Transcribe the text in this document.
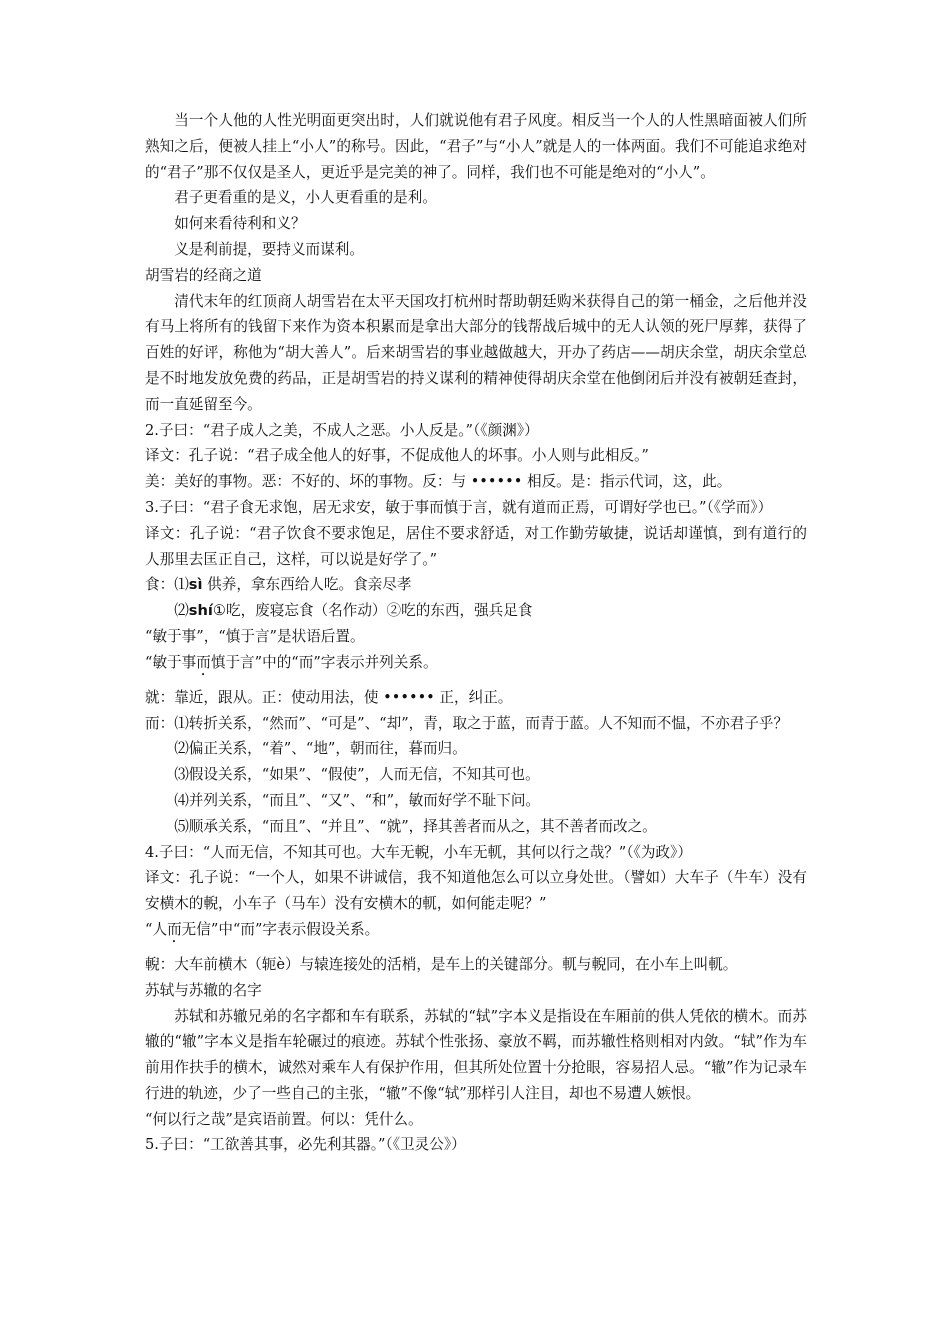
当一个人他的人性光明面更突出时，人们就说他有君子风度。相反当一个人的人性黑暗面被人们所熟知之后，便被人挂上“小人”的称号。因此，“君子”与“小人”就是人的一体两面。我们不可能追求绝对的“君子”那不仅仅是圣人，更近乎是完美的神了。同样，我们也不可能是绝对的“小人”。

君子更看重的是义，小人更看重的是利。

如何来看待利和义？

义是利前提，要持义而谋利。

胡雪岩的经商之道

清代末年的红顶商人胡雪岩在太平天国攻打杭州时帮助朝廷购米获得自己的第一桶金，之后他并没有马上将所有的钱留下来作为资本积累而是拿出大部分的钱帮战后城中的无人认领的死尸厚葬，获得了百姓的好评，称他为“胡大善人”。后来胡雪岩的事业越做越大，开办了药店——胡庆余堂，胡庆余堂总是不时地发放免费的药品，正是胡雪岩的持义谋利的精神使得胡庆余堂在他倒闭后并没有被朝廷查封，而一直延留至今。

2.子曰：“君子成人之美，不成人之恶。小人反是。”（《颜渊》）

译文：孔子说：“君子成全他人的好事，不促成他人的坏事。小人则与此相反。”

美：美好的事物。恶：不好的、坏的事物。反：与 •••••• 相反。是：指示代词，这，此。

3.子曰：“君子食无求饱，居无求安，敏于事而慎于言，就有道而正焉，可谓好学也已。”（《学而》）

译文：孔子说：“君子饮食不要求饱足，居住不要求舒适，对工作勤劳敏捷，说话却谨慎，到有道行的人那里去匡正自己，这样，可以说是好学了。”

食：⑴sì 供养，拿东西给人吃。食亲尽孝

⑵shí①吃，废寝忘食（名作动）②吃的东西，强兵足食

“敏于事”，“慎于言”是状语后置。

“敏于事而慎于言”中的“而”字表示并列关系。

就：靠近，跟从。正：使动用法，使 •••••• 正，纠正。

而：⑴转折关系，“然而”、“可是”、“却”，青，取之于蓝，而青于蓝。人不知而不愠，不亦君子乎？

⑵偏正关系，“着”、“地”，朝而往，暮而归。

⑶假设关系，“如果”、“假使”，人而无信，不知其可也。

⑷并列关系，“而且”、“又”、“和”，敏而好学不耻下问。

⑸顺承关系，“而且”、“并且”、“就”，择其善者而从之，其不善者而改之。

4.子曰：“人而无信，不知其可也。大车无輗，小车无軏，其何以行之哉？”（《为政》）

译文：孔子说：“一个人，如果不讲诚信，我不知道他怎么可以立身处世。（譬如）大车子（牛车）没有安横木的輗，小车子（马车）没有安横木的軏，如何能走呢？”

“人而无信”中“而”字表示假设关系。

輗：大车前横木（轭è）与辕连接处的活梢，是车上的关键部分。軏与輗同，在小车上叫軏。

苏轼与苏辙的名字

苏轼和苏辙兄弟的名字都和车有联系，苏轼的“轼”字本义是指设在车厢前的供人凭依的横木。而苏辙的“辙”字本义是指车轮碾过的痕迹。苏轼个性张扬、豪放不羁，而苏辙性格则相对内敛。“轼”作为车前用作扶手的横木，诚然对乘车人有保护作用，但其所处位置十分抢眼，容易招人忌。“辙”作为记录车行进的轨迹，少了一些自己的主张，“辙”不像“轼”那样引人注目，却也不易遭人嫉恨。

“何以行之哉”是宾语前置。何以：凭什么。

5.子曰：“工欲善其事，必先利其器。”（《卫灵公》）
